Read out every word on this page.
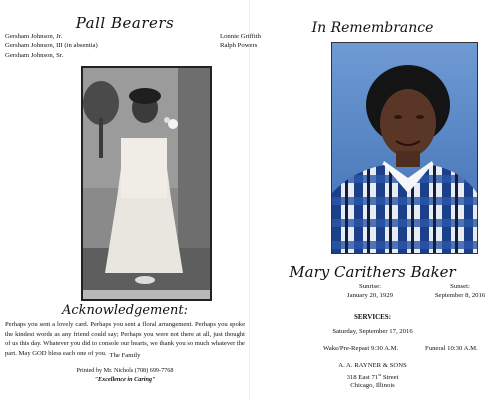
Pall Bearers
Gersham Johnson, Jr.
Gersham Johnson, III (in absentia)
Gersham Johnson, Sr.
Lonnie Griffith
Ralph Powers
Acknowledgement:
Perhaps you sent a lovely card. Perhaps you sent a floral arrangement. Perhaps you spoke the kindest words as any friend could say; Perhaps you were not there at all, just thought of us this day. Whatever you did to console our hearts, we thank you so much whatever the part. May GOD bless each one of you. The Family
Printed by Mr. Nichols (708) 699-7768
"Excellence in Caring"
In Remembrance
Mary Carithers Baker
Sunrise:
January 20, 1929
Sunset:
September 8, 2016
SERVICES:
Saturday, September 17, 2016
Wake/Pre-Repast 9:30 A.M.	Funeral 10:30 A.M.
A. A. RAYNER & SONS
318 East 71st Street
Chicago, Illinois
